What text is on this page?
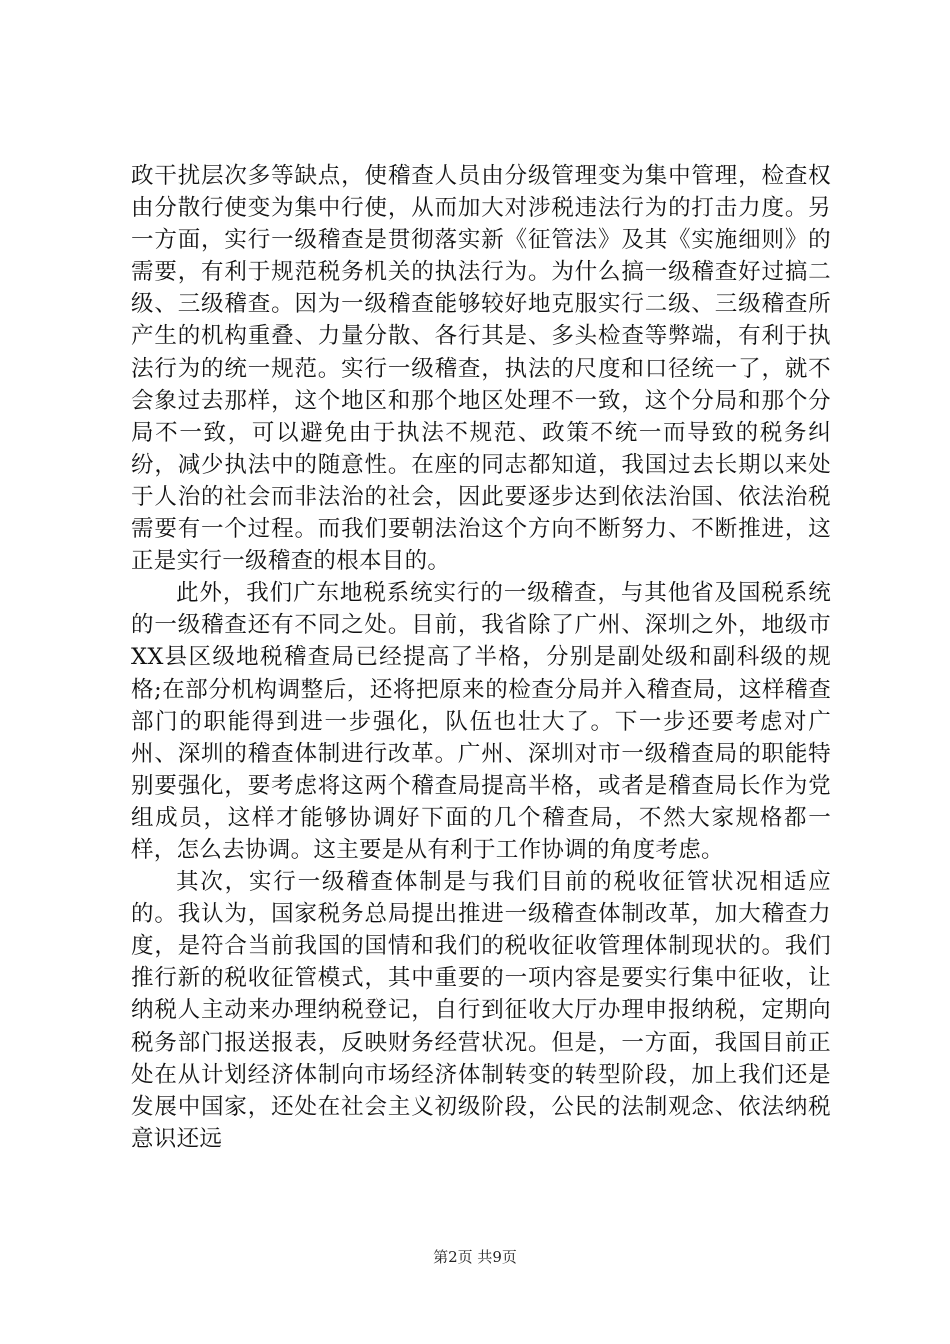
政干扰层次多等缺点，使稽查人员由分级管理变为集中管理，检查权由分散行使变为集中行使，从而加大对涉税违法行为的打击力度。另一方面，实行一级稽查是贯彻落实新《征管法》及其《实施细则》的需要，有利于规范税务机关的执法行为。为什么搞一级稽查好过搞二级、三级稽查。因为一级稽查能够较好地克服实行二级、三级稽查所产生的机构重叠、力量分散、各行其是、多头检查等弊端，有利于执法行为的统一规范。实行一级稽查，执法的尺度和口径统一了，就不会象过去那样，这个地区和那个地区处理不一致，这个分局和那个分局不一致，可以避免由于执法不规范、政策不统一而导致的税务纠纷，减少执法中的随意性。在座的同志都知道，我国过去长期以来处于人治的社会而非法治的社会，因此要逐步达到依法治国、依法治税需要有一个过程。而我们要朝法治这个方向不断努力、不断推进，这正是实行一级稽查的根本目的。

此外，我们广东地税系统实行的一级稽查，与其他省及国税系统的一级稽查还有不同之处。目前，我省除了广州、深圳之外，地级市XX县区级地税稽查局已经提高了半格，分别是副处级和副科级的规格;在部分机构调整后，还将把原来的检查分局并入稽查局，这样稽查部门的职能得到进一步强化，队伍也壮大了。下一步还要考虑对广州、深圳的稽查体制进行改革。广州、深圳对市一级稽查局的职能特别要强化，要考虑将这两个稽查局提高半格，或者是稽查局长作为党组成员，这样才能够协调好下面的几个稽查局，不然大家规格都一样，怎么去协调。这主要是从有利于工作协调的角度考虑。

其次，实行一级稽查体制是与我们目前的税收征管状况相适应的。我认为，国家税务总局提出推进一级稽查体制改革，加大稽查力度，是符合当前我国的国情和我们的税收征收管理体制现状的。我们推行新的税收征管模式，其中重要的一项内容是要实行集中征收，让纳税人主动来办理纳税登记，自行到征收大厅办理申报纳税，定期向税务部门报送报表，反映财务经营状况。但是，一方面，我国目前正处在从计划经济体制向市场经济体制转变的转型阶段，加上我们还是发展中国家，还处在社会主义初级阶段，公民的法制观念、依法纳税意识还远

第2页 共9页
